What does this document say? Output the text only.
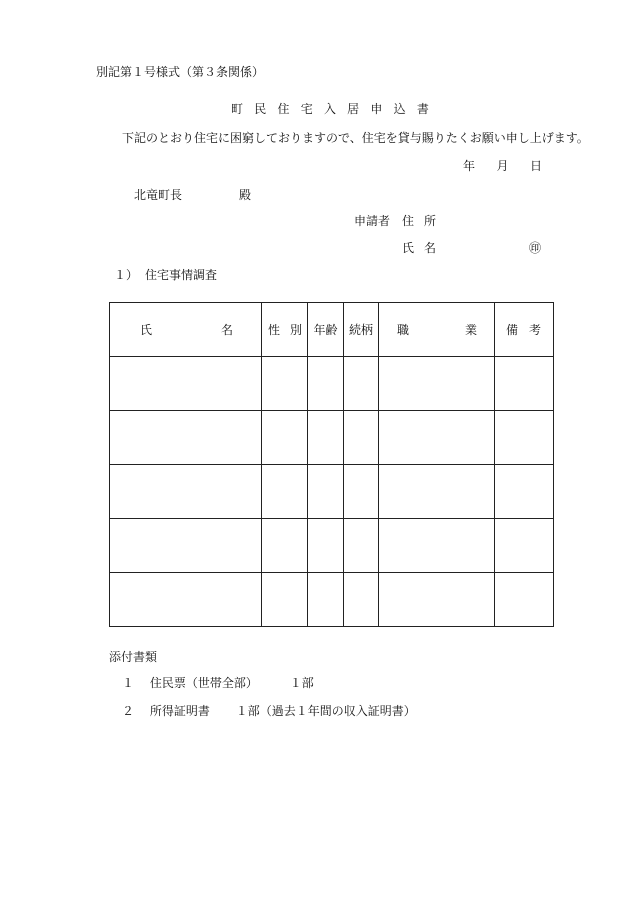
別記第１号様式（第３条関係）
町 民 住 宅 入 居 申 込 書
下記のとおり住宅に困窮しておりますので、住宅を貸与賜りたくお願い申し上げます。
年 月 日
北竜町長	殿
申請者 住 所
氏 名	㊞
１） 住宅事情調査
氏 名	性 別	年齢	続柄	職 業	備 考

添付書類
１ 住民票（世帯全部）	１部
２ 所得証明書 １部（過去１年間の収入証明書）
